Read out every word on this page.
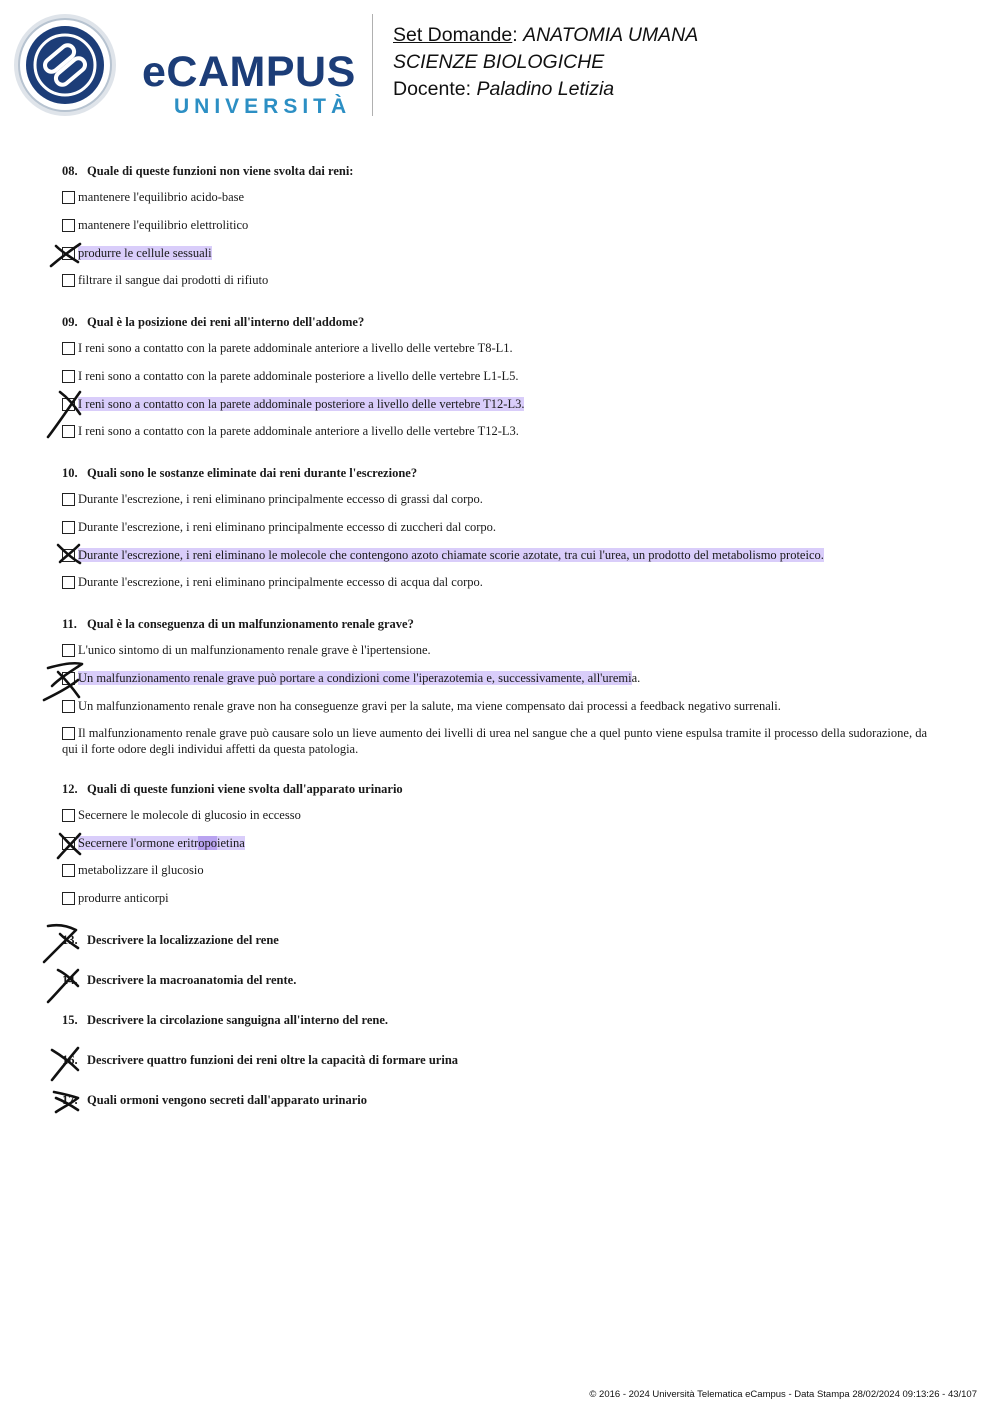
eCAMPUS
UNIVERSITÀ
Set Domande: ANATOMIA UMANA
SCIENZE BIOLOGICHE
Docente: Paladino Letizia
08. Quale di queste funzioni non viene svolta dai reni:
mantenere l'equilibrio acido-base
mantenere l'equilibrio elettrolitico
produrre le cellule sessuali
filtrare il sangue dai prodotti di rifiuto
09. Qual è la posizione dei reni all'interno dell'addome?
I reni sono a contatto con la parete addominale anteriore a livello delle vertebre T8-L1.
I reni sono a contatto con la parete addominale posteriore a livello delle vertebre L1-L5.
I reni sono a contatto con la parete addominale posteriore a livello delle vertebre T12-L3.
I reni sono a contatto con la parete addominale anteriore a livello delle vertebre T12-L3.
10. Quali sono le sostanze eliminate dai reni durante l'escrezione?
Durante l'escrezione, i reni eliminano principalmente eccesso di grassi dal corpo.
Durante l'escrezione, i reni eliminano principalmente eccesso di zuccheri dal corpo.
Durante l'escrezione, i reni eliminano le molecole che contengono azoto chiamate scorie azotate, tra cui l'urea, un prodotto del metabolismo proteico.
Durante l'escrezione, i reni eliminano principalmente eccesso di acqua dal corpo.
11. Qual è la conseguenza di un malfunzionamento renale grave?
L'unico sintomo di un malfunzionamento renale grave è l'ipertensione.
Un malfunzionamento renale grave può portare a condizioni come l'iperazotemia e, successivamente, all'uremia.
Un malfunzionamento renale grave non ha conseguenze gravi per la salute, ma viene compensato dai processi a feedback negativo surrenali.
Il malfunzionamento renale grave può causare solo un lieve aumento dei livelli di urea nel sangue che a quel punto viene espulsa tramite il processo della sudorazione, da qui il forte odore degli individui affetti da questa patologia.
12. Quali di queste funzioni viene svolta dall'apparato urinario
Secernere le molecole di glucosio in eccesso
Secernere l'ormone eritropoietina
metabolizzare il glucosio
produrre anticorpi
13. Descrivere la localizzazione del rene
14. Descrivere la macroanatomia del rente.
15. Descrivere la circolazione sanguigna all'interno del rene.
16. Descrivere quattro funzioni dei reni oltre la capacità di formare urina
17. Quali ormoni vengono secreti dall'apparato urinario
© 2016 - 2024 Università Telematica eCampus - Data Stampa 28/02/2024 09:13:26 - 43/107
